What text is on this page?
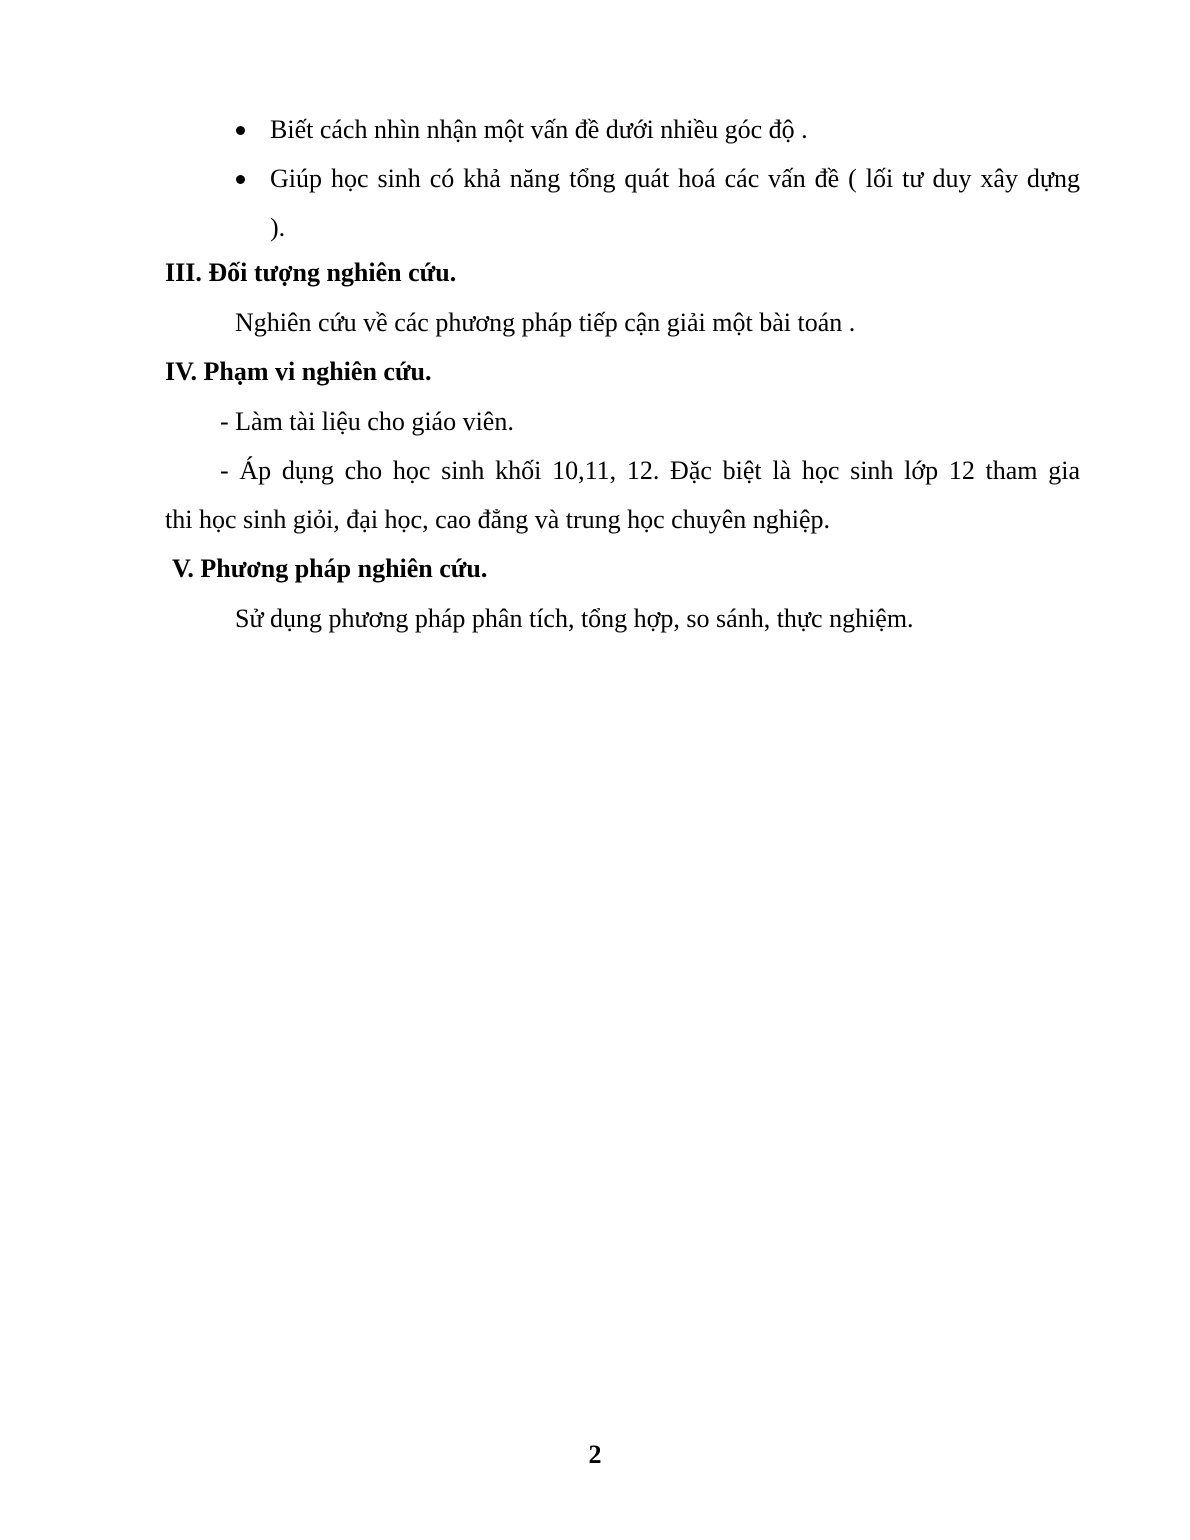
Biết cách nhìn nhận một vấn đề dưới nhiều góc độ .
Giúp học sinh có khả năng tổng quát hoá các vấn đề ( lối tư duy xây dựng
).
III. Đối tượng nghiên cứu.
Nghiên cứu về các phương pháp tiếp cận giải một bài toán .
IV. Phạm vi nghiên cứu.
- Làm tài liệu cho giáo viên.
- Áp dụng cho học sinh khối 10,11, 12. Đặc biệt là học sinh lớp 12 tham gia
thi học sinh giỏi, đại học, cao đẳng và trung học chuyên nghiệp.
V. Phương pháp nghiên cứu.
Sử dụng phương pháp phân tích, tổng hợp, so sánh, thực nghiệm.
2
